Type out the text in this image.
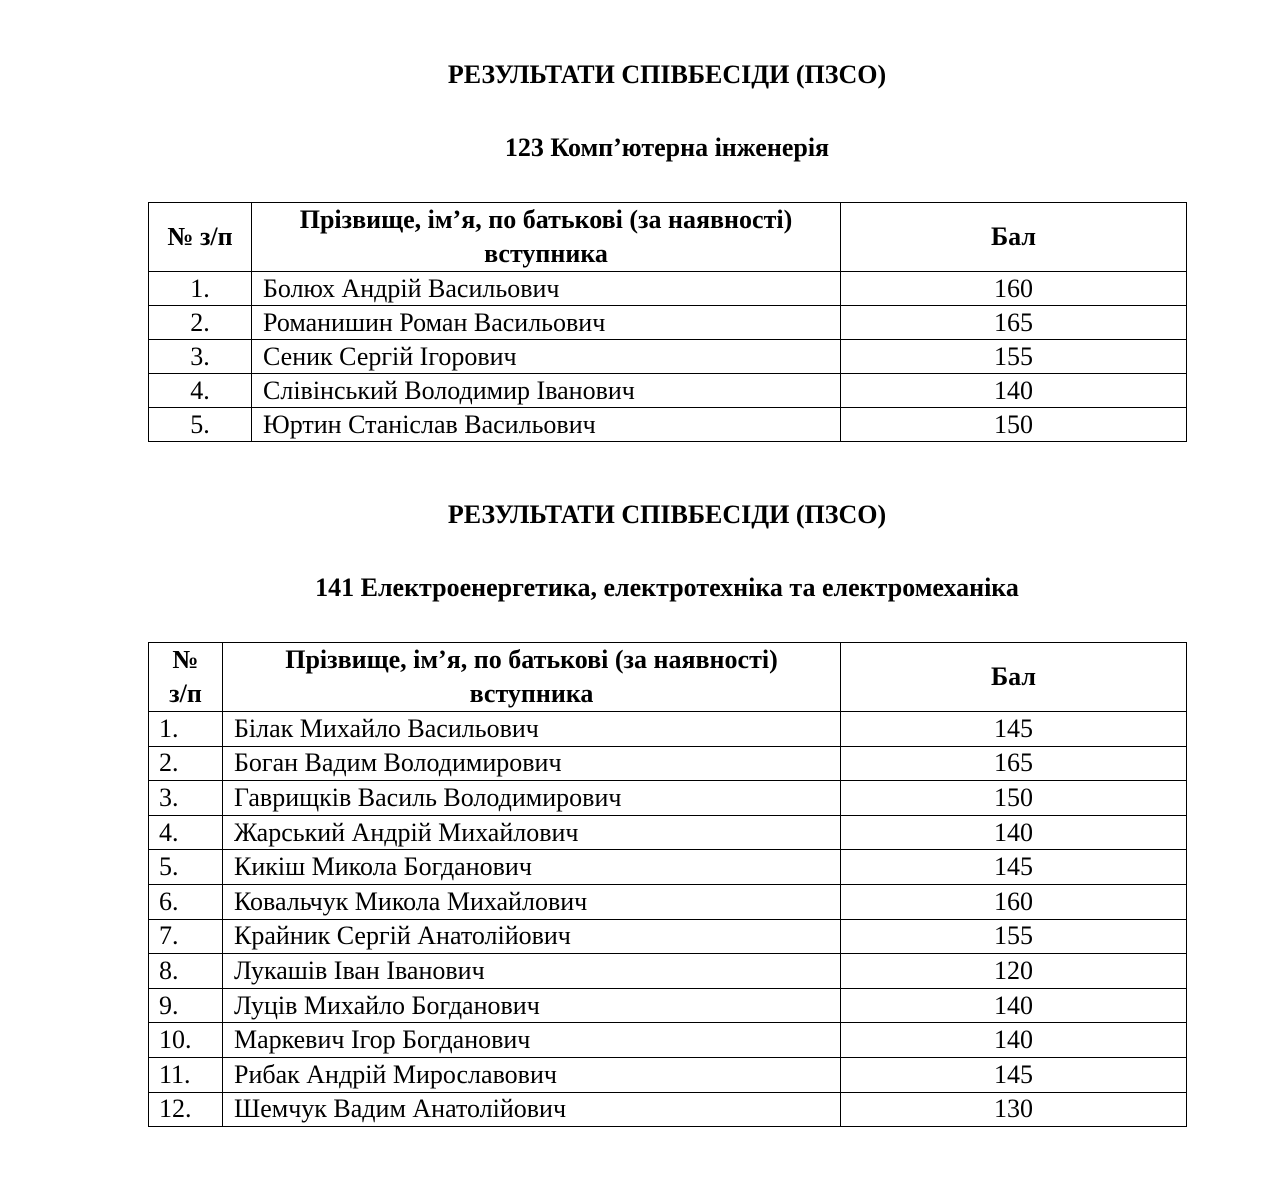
РЕЗУЛЬТАТИ СПІВБЕСІДИ (ПЗСО)
123 Комп’ютерна інженерія
№ з/п	Прізвище, ім’я, по батькові (за наявності) вступника	Бал
1.	Болюх Андрій Васильович	160
2.	Романишин Роман Васильович	165
3.	Сеник Сергій Ігорович	155
4.	Слівінський Володимир Іванович	140
5.	Юртин Станіслав Васильович	150
РЕЗУЛЬТАТИ СПІВБЕСІДИ (ПЗСО)
141 Електроенергетика, електротехніка та електромеханіка
№
з/п	Прізвище, ім’я, по батькові (за наявності) вступника	Бал
1.	Білак Михайло Васильович	145
2.	Боган Вадим Володимирович	165
3.	Гаврищків Василь Володимирович	150
4.	Жарський Андрій Михайлович	140
5.	Кикіш Микола Богданович	145
6.	Ковальчук Микола Михайлович	160
7.	Крайник Сергій Анатолійович	155
8.	Лукашів Іван Іванович	120
9.	Луців Михайло Богданович	140
10.	Маркевич Ігор Богданович	140
11.	Рибак Андрій Мирославович	145
12.	Шемчук Вадим Анатолійович	130
